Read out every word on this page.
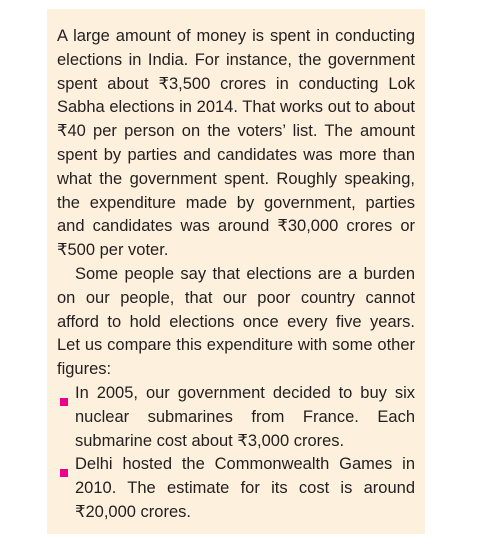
A large amount of money is spent in conducting elections in India. For instance, the government spent about ₹3,500 crores in conducting Lok Sabha elections in 2014. That works out to about ₹40 per person on the voters’ list. The amount spent by parties and candidates was more than what the government spent. Roughly speaking, the expenditure made by government, parties and candidates was around ₹30,000 crores or ₹500 per voter.

Some people say that elections are a burden on our people, that our poor country cannot afford to hold elections once every five years. Let us compare this expenditure with some other figures:

In 2005, our government decided to buy six nuclear submarines from France. Each submarine cost about ₹3,000 crores.
Delhi hosted the Commonwealth Games in 2010. The estimate for its cost is around ₹20,000 crores.
